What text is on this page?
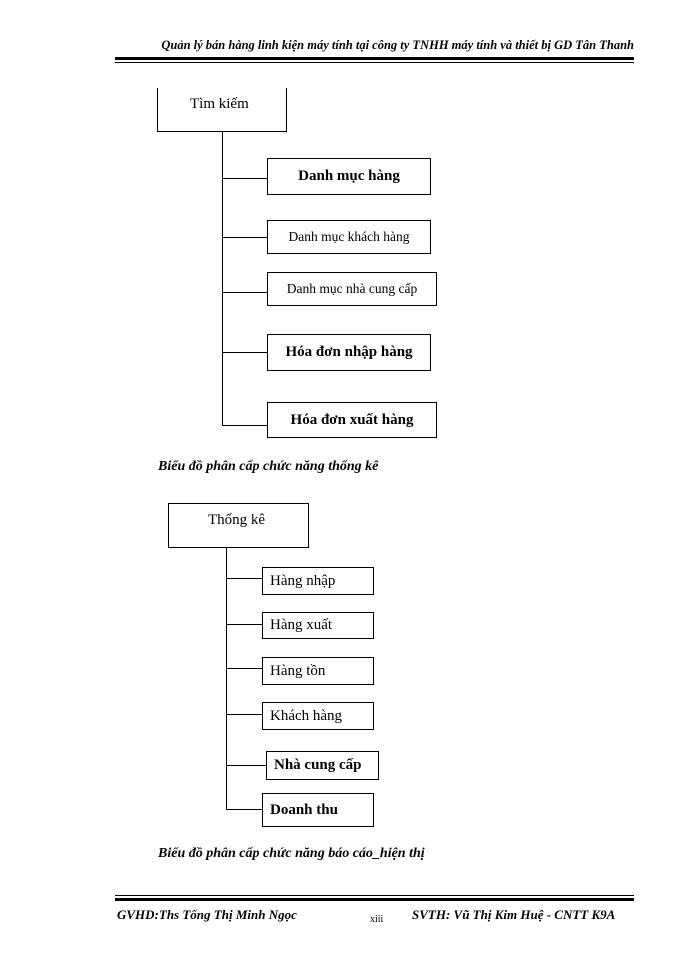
Quản lý bán hàng linh kiện máy tính tại công ty TNHH máy tính và thiết bị GD Tân Thanh
Tìm kiếm
Danh mục hàng
Danh mục khách hàng
Danh mục nhà cung cấp
Hóa đơn nhập hàng
Hóa đơn xuất hàng
Biểu đồ phân cấp chức năng thống kê
Thống kê
Hàng nhập
Hàng xuất
Hàng tồn
Khách hàng
Nhà cung cấp
Doanh thu
Biểu đồ phân cấp chức năng báo cáo_hiện thị
GVHD:Ths Tống Thị Minh Ngọc	xiii SVTH: Vũ Thị Kim Huệ - CNTT K9A
